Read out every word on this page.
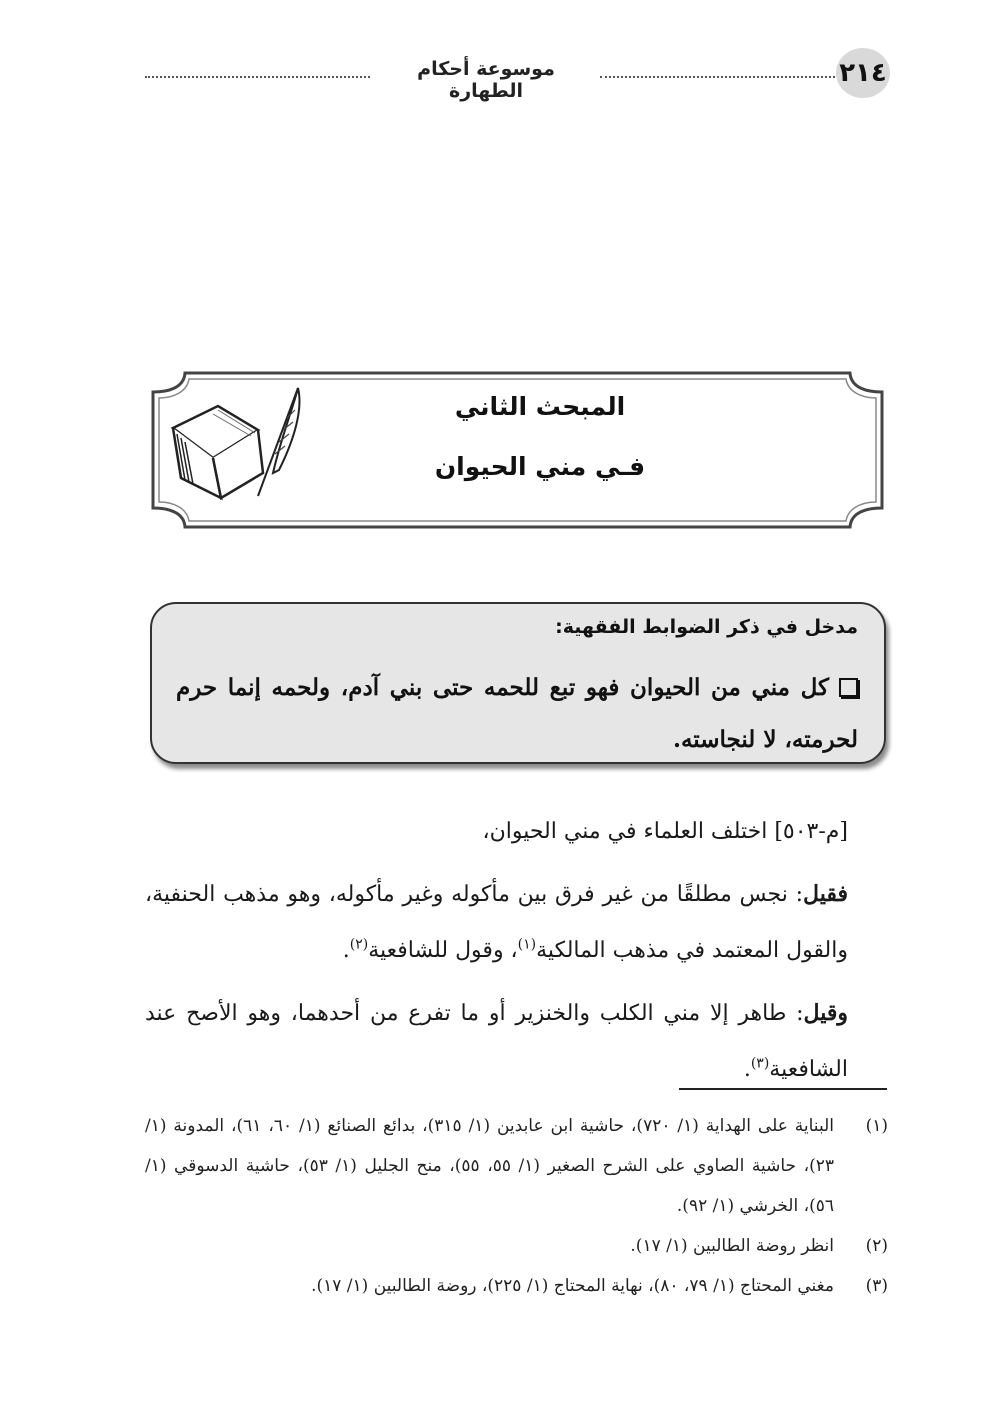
موسوعة أحكام الطهارة
٢١٤
المبحث الثاني
فـي مني الحيوان
مدخل في ذكر الضوابط الفقهية:
كل مني من الحيوان فهو تبع للحمه حتى بني آدم، ولحمه إنما حرم لحرمته، لا لنجاسته.

[م-٥٠٣] اختلف العلماء في مني الحيوان،

فقيل: نجس مطلقًا من غير فرق بين مأكوله وغير مأكوله، وهو مذهب الحنفية، والقول المعتمد في مذهب المالكية$^{(١)}$، وقول للشافعية$^{(٢)}$.

وقيل: طاهر إلا مني الكلب والخنزير أو ما تفرع من أحدهما، وهو الأصح عند الشافعية$^{(٣)}$.

(١)
البناية على الهداية (١/ ٧٢٠)، حاشية ابن عابدين (١/ ٣١٥)، بدائع الصنائع (١/ ٦٠، ٦١)، المدونة (١/ ٢٣)، حاشية الصاوي على الشرح الصغير (١/ ٥٥، ٥٥)، منح الجليل (١/ ٥٣)، حاشية الدسوقي (١/ ٥٦)، الخرشي (١/ ٩٢).
(٢)
انظر روضة الطالبين (١/ ١٧).
(٣)
مغني المحتاج (١/ ٧٩، ٨٠)، نهاية المحتاج (١/ ٢٢٥)، روضة الطالبين (١/ ١٧).
